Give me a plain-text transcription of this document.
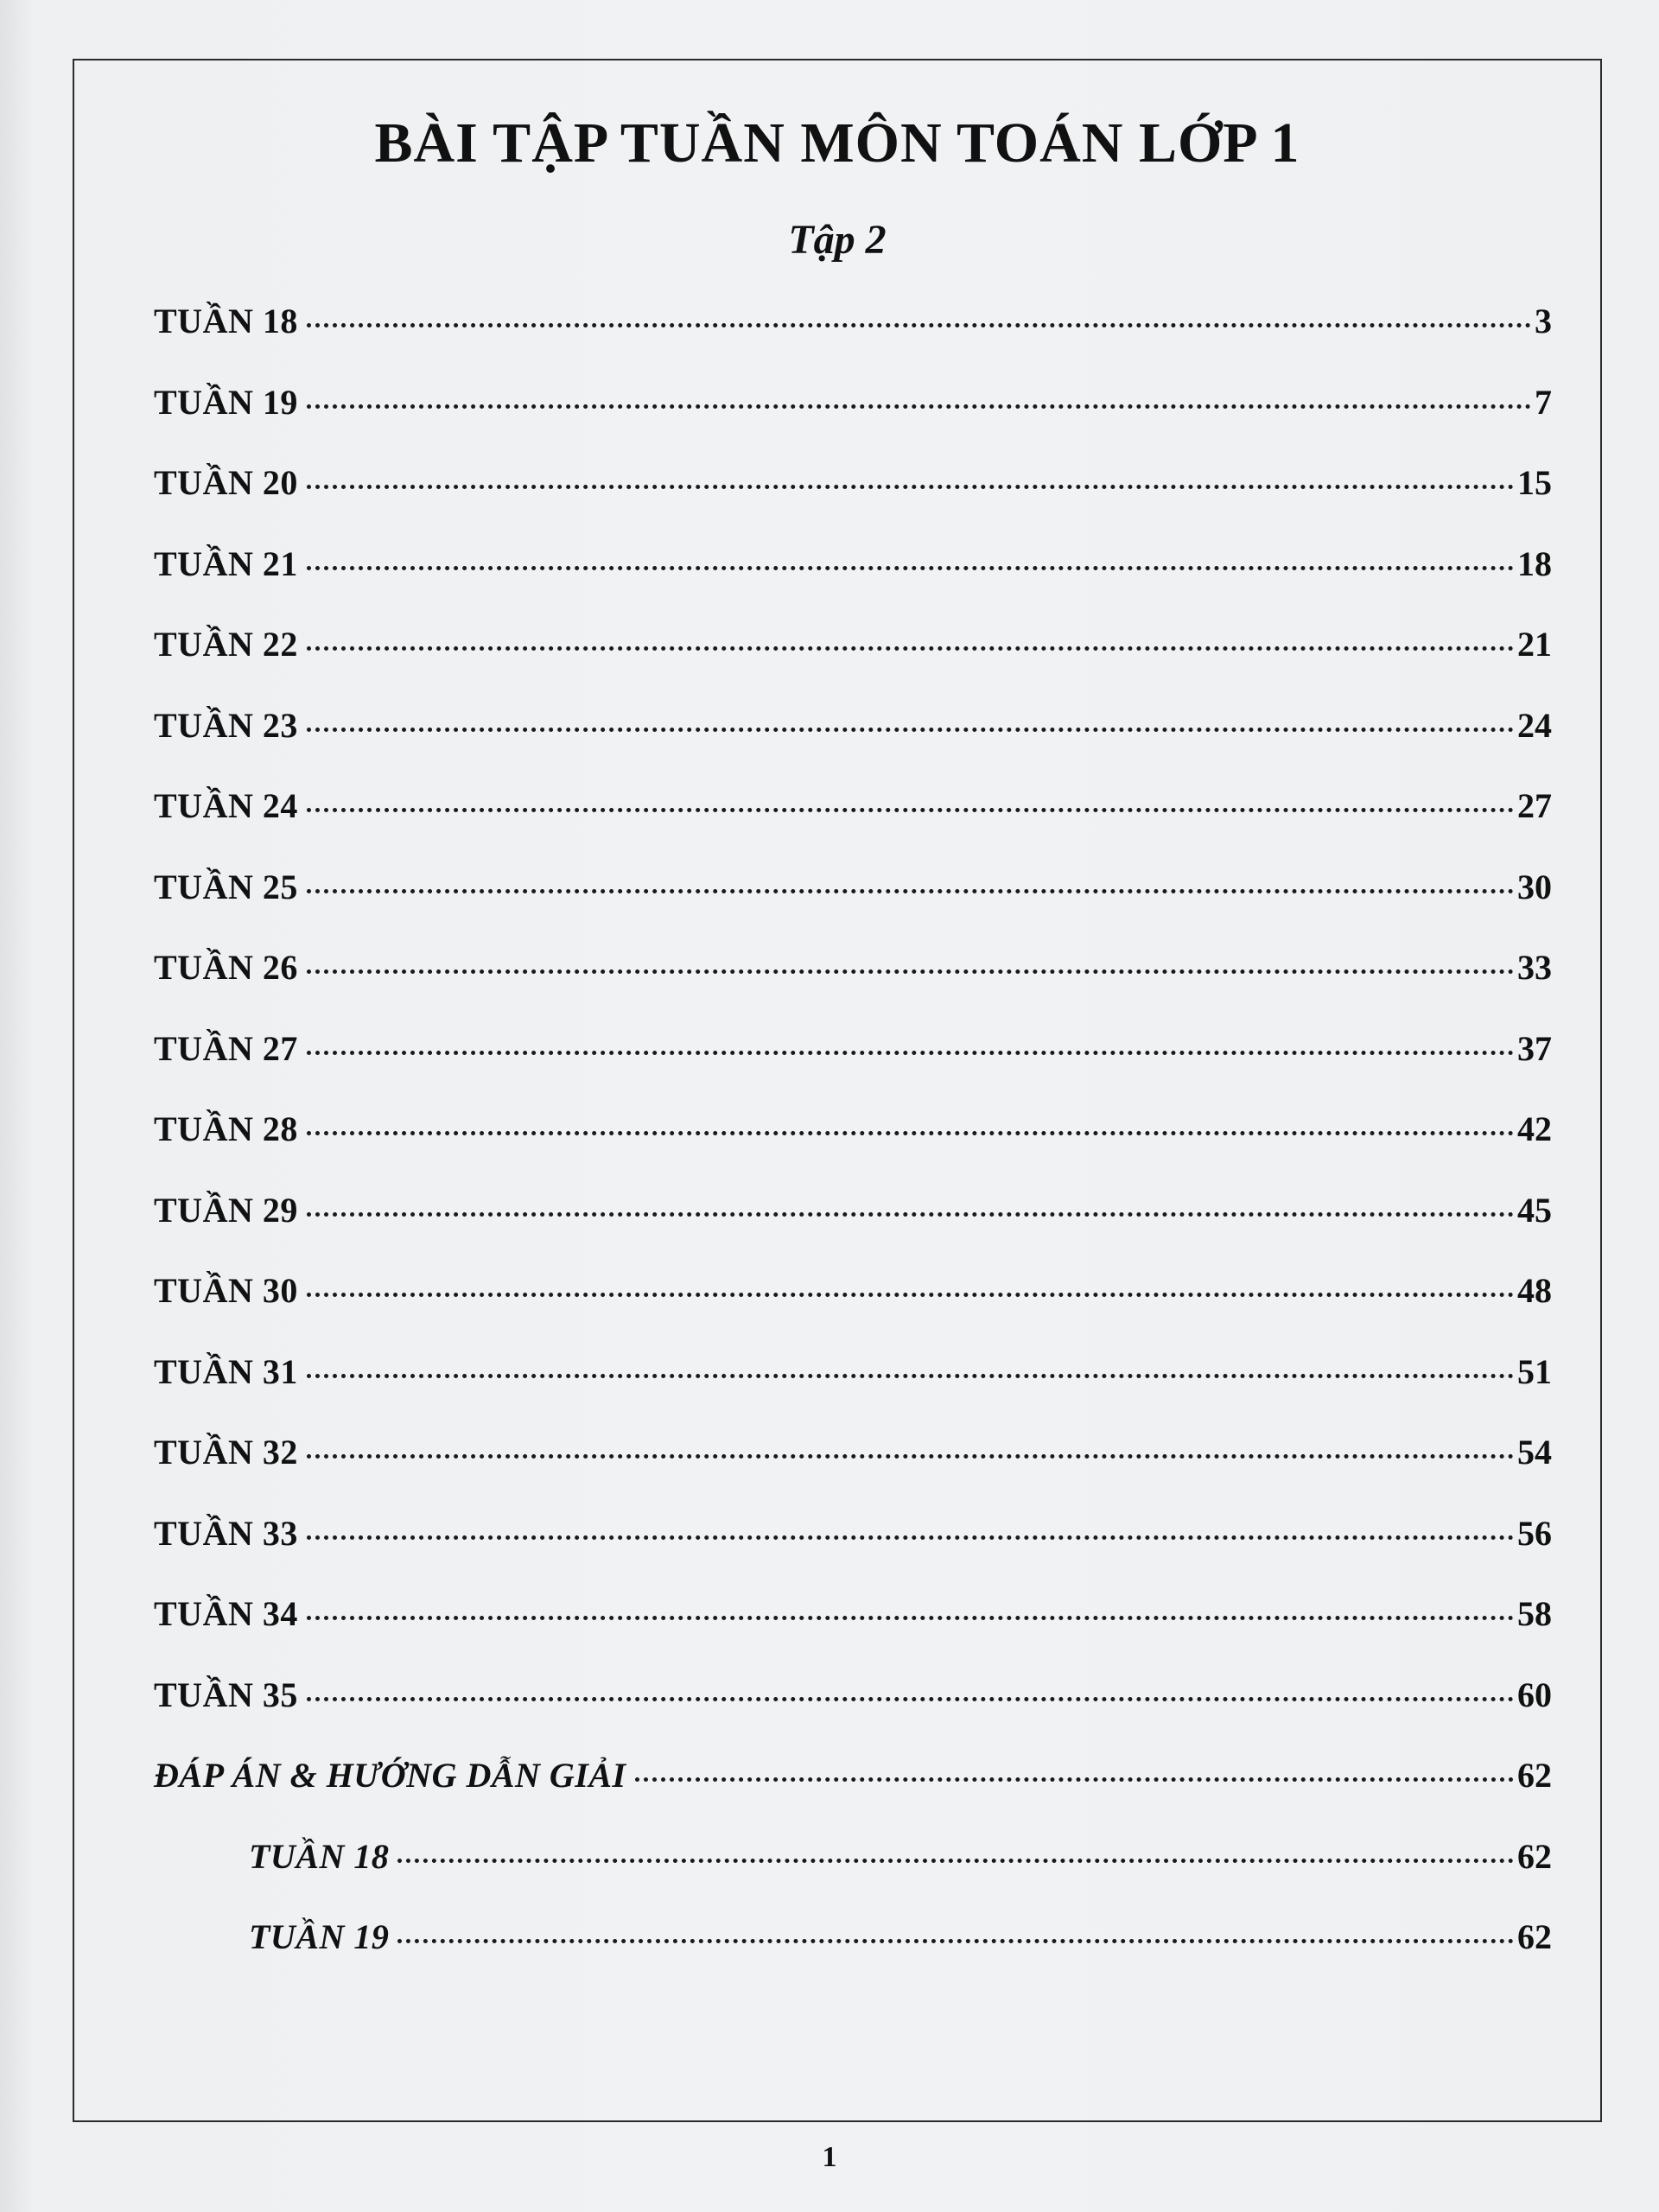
BÀI TẬP TUẦN MÔN TOÁN LỚP 1
Tập 2
TUẦN 18	3
TUẦN 19	7
TUẦN 20	15
TUẦN 21	18
TUẦN 22	21
TUẦN 23	24
TUẦN 24	27
TUẦN 25	30
TUẦN 26	33
TUẦN 27	37
TUẦN 28	42
TUẦN 29	45
TUẦN 30	48
TUẦN 31	51
TUẦN 32	54
TUẦN 33	56
TUẦN 34	58
TUẦN 35	60
ĐÁP ÁN & HƯỚNG DẪN GIẢI	62
TUẦN 18	62
TUẦN 19	62
1
